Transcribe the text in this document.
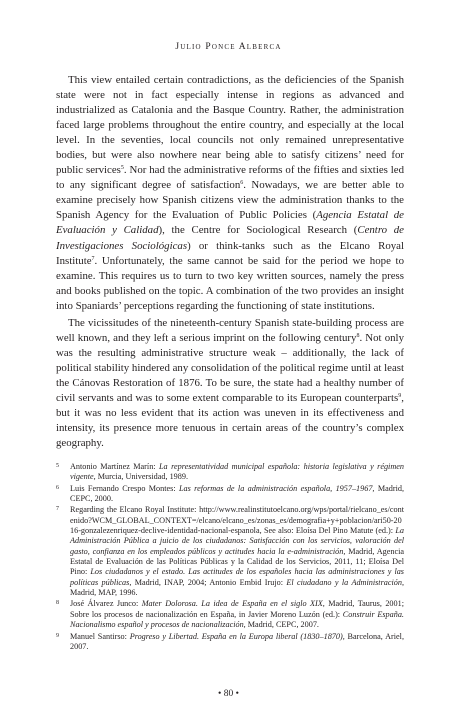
Julio Ponce Alberca

This view entailed certain contradictions, as the deficiencies of the Spanish state were not in fact especially intense in regions as advanced and industrialized as Catalonia and the Basque Country. Rather, the administration faced large problems throughout the entire country, and especially at the local level. In the seventies, local councils not only remained unrepresentative bodies, but were also nowhere near being able to satisfy citizens’ need for public services$^5$. Nor had the administrative reforms of the fifties and sixties led to any significant degree of satisfaction$^6$. Nowadays, we are better able to examine precisely how Spanish citizens view the administration thanks to the Spanish Agency for the Evaluation of Public Policies (Agencia Estatal de Evaluación y Calidad), the Centre for Sociological Research (Centro de Investigaciones Sociológicas) or think-tanks such as the Elcano Royal Institute$^7$. Unfortunately, the same cannot be said for the period we hope to examine. This requires us to turn to two key written sources, namely the press and books published on the topic. A combination of the two provides an insight into Spaniards’ perceptions regarding the functioning of state institutions.

The vicissitudes of the nineteenth-century Spanish state-building process are well known, and they left a serious imprint on the following century$^8$. Not only was the resulting administrative structure weak – additionally, the lack of political stability hindered any consolidation of the political regime until at least the Cánovas Restoration of 1876. To be sure, the state had a healthy number of civil servants and was to some extent comparable to its European counterparts$^9$, but it was no less evident that its action was uneven in its effectiveness and intensity, its presence more tenuous in certain areas of the country’s complex geography.

5 Antonio Martínez Marín: La representatividad municipal española: historia legislativa y régimen vigente, Murcia, Universidad, 1989.
6 Luis Fernando Crespo Montes: Las reformas de la administración española, 1957–1967, Madrid, CEPC, 2000.
7 Regarding the Elcano Royal Institute: http://www.realinstitutoelcano.org/wps/portal/rielcano_es/contenido?WCM_GLOBAL_CONTEXT=/elcano/elcano_es/zonas_es/demografia+y+poblacion/ari50-2016-gonzalezenriquez-declive-identidad-nacional-espanola, See also: Eloísa Del Pino Matute (ed.): La Administración Pública a juicio de los ciudadanos: Satisfacción con los servicios, valoración del gasto, confianza en los empleados públicos y actitudes hacia la e-administración, Madrid, Agencia Estatal de Evaluación de las Políticas Públicas y la Calidad de los Servicios, 2011, 11; Eloísa Del Pino: Los ciudadanos y el estado. Las actitudes de los españoles hacia las administraciones y las políticas públicas, Madrid, INAP, 2004; Antonio Embid Irujo: El ciudadano y la Administración, Madrid, MAP, 1996.
8 José Álvarez Junco: Mater Dolorosa. La idea de España en el siglo XIX, Madrid, Taurus, 2001; Sobre los procesos de nacionalización en España, in Javier Moreno Luzón (ed.): Construir España. Nacionalismo español y procesos de nacionalización, Madrid, CEPC, 2007.
9 Manuel Santirso: Progreso y Libertad. España en la Europa liberal (1830–1870), Barcelona, Ariel, 2007.
• 80 •
